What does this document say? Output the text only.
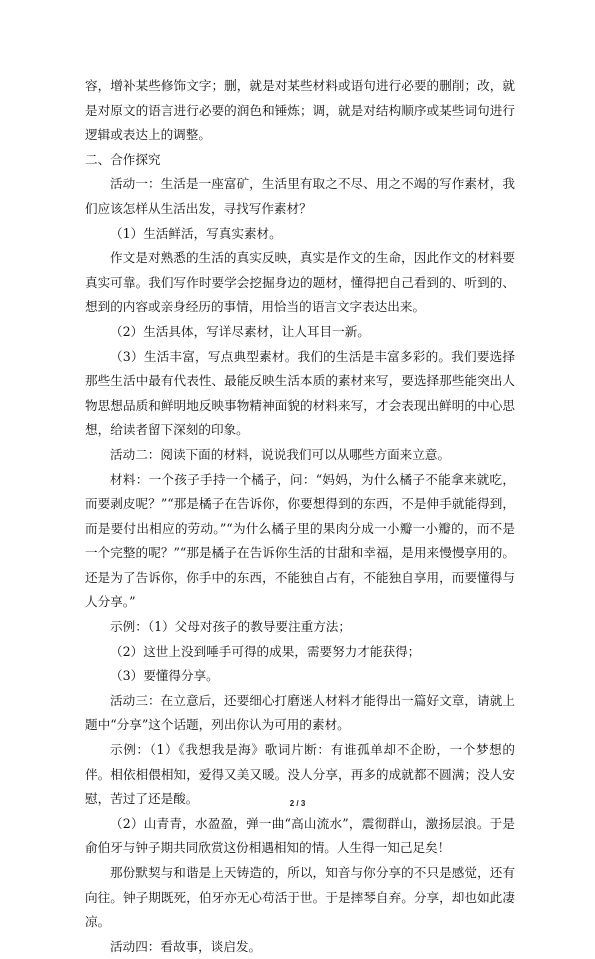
容，增补某些修饰文字；删，就是对某些材料或语句进行必要的删削；改，就是对原文的语言进行必要的润色和锤炼；调，就是对结构顺序或某些词句进行逻辑或表达上的调整。

二、合作探究

活动一：生活是一座富矿，生活里有取之不尽、用之不竭的写作素材，我们应该怎样从生活出发，寻找写作素材？

（1）生活鲜活，写真实素材。

作文是对熟悉的生活的真实反映，真实是作文的生命，因此作文的材料要真实可靠。我们写作时要学会挖掘身边的题材，懂得把自己看到的、听到的、想到的内容或亲身经历的事情，用恰当的语言文字表达出来。

（2）生活具体，写详尽素材，让人耳目一新。

（3）生活丰富，写点典型素材。我们的生活是丰富多彩的。我们要选择那些生活中最有代表性、最能反映生活本质的素材来写，要选择那些能突出人物思想品质和鲜明地反映事物精神面貌的材料来写，才会表现出鲜明的中心思想，给读者留下深刻的印象。

活动二：阅读下面的材料，说说我们可以从哪些方面来立意。

材料：一个孩子手持一个橘子，问：“妈妈，为什么橘子不能拿来就吃，而要剥皮呢？”“那是橘子在告诉你，你要想得到的东西，不是伸手就能得到，而是要付出相应的劳动。”“为什么橘子里的果肉分成一小瓣一小瓣的，而不是一个完整的呢？”“那是橘子在告诉你生活的甘甜和幸福，是用来慢慢享用的。还是为了告诉你，你手中的东西，不能独自占有，不能独自享用，而要懂得与人分享。”

示例：（1）父母对孩子的教导要注重方法；

（2）这世上没到唾手可得的成果，需要努力才能获得；

（3）要懂得分享。

活动三：在立意后，还要细心打磨迷人材料才能得出一篇好文章，请就上题中“分享”这个话题，列出你认为可用的素材。

示例：（1）《我想我是海》歌词片断：有谁孤单却不企盼，一个梦想的伴。相依相偎相知，爱得又美又暖。没人分享，再多的成就都不圆满；没人安慰，苦过了还是酸。

（2）山青青，水盈盈，弹一曲“高山流水”，震彻群山，激扬层浪。于是俞伯牙与钟子期共同欣赏这份相遇相知的情。人生得一知己足矣！

那份默契与和谐是上天铸造的，所以，知音与你分享的不只是感觉，还有向往。钟子期既死，伯牙亦无心苟活于世。于是摔琴自弃。分享，却也如此凄凉。

活动四：看故事，谈启发。

2 / 3
